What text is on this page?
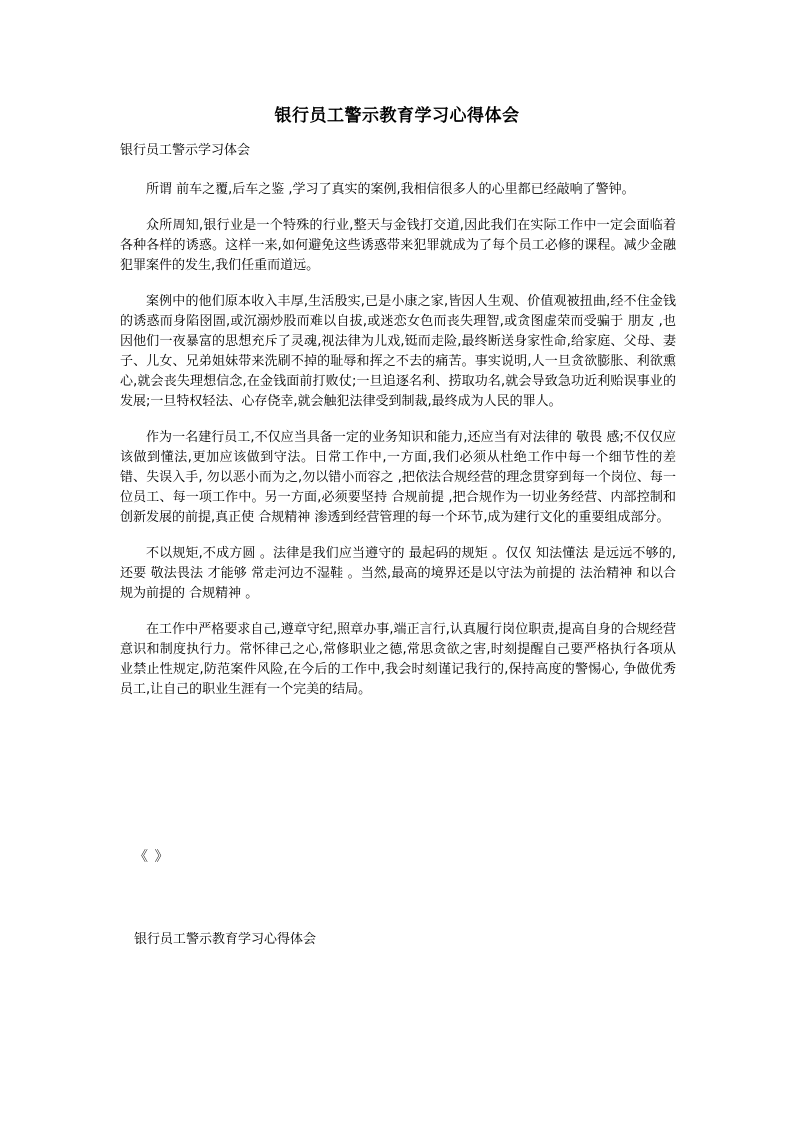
银行员工警示教育学习心得体会
银行员工警示学习体会

所谓 前车之覆,后车之鉴 ,学习了真实的案例,我相信很多人的心里都已经敲响了警钟。

众所周知,银行业是一个特殊的行业,整天与金钱打交道,因此我们在实际工作中一定会面临着各种各样的诱惑。这样一来,如何避免这些诱惑带来犯罪就成为了每个员工必修的课程。减少金融犯罪案件的发生,我们任重而道远。

案例中的他们原本收入丰厚,生活殷实,已是小康之家,皆因人生观、价值观被扭曲,经不住金钱的诱惑而身陷囹圄,或沉溺炒股而难以自拔,或迷恋女色而丧失理智,或贪图虚荣而受骗于 朋友 ,也因他们一夜暴富的思想充斥了灵魂,视法律为儿戏,铤而走险,最终断送身家性命,给家庭、父母、妻子、儿女、兄弟姐妹带来洗刷不掉的耻辱和挥之不去的痛苦。事实说明,人一旦贪欲膨胀、利欲熏心,就会丧失理想信念,在金钱面前打败仗;一旦追逐名利、捞取功名,就会导致急功近利贻误事业的发展;一旦特权轻法、心存侥幸,就会触犯法律受到制裁,最终成为人民的罪人。

作为一名建行员工,不仅应当具备一定的业务知识和能力,还应当有对法律的 敬畏 感;不仅仅应该做到懂法,更加应该做到守法。日常工作中,一方面,我们必须从杜绝工作中每一个细节性的差错、失误入手, 勿以恶小而为之,勿以错小而容之 ,把依法合规经营的理念贯穿到每一个岗位、每一位员工、每一项工作中。另一方面,必须要坚持 合规前提 ,把合规作为一切业务经营、内部控制和创新发展的前提,真正使 合规精神 渗透到经营管理的每一个环节,成为建行文化的重要组成部分。

不以规矩,不成方圆 。法律是我们应当遵守的 最起码的规矩 。仅仅 知法懂法 是远远不够的,还要 敬法畏法 才能够 常走河边不湿鞋 。当然,最高的境界还是以守法为前提的 法治精神 和以合规为前提的 合规精神 。

在工作中严格要求自己,遵章守纪,照章办事,端正言行,认真履行岗位职责,提高自身的合规经营意识和制度执行力。常怀律己之心,常修职业之德,常思贪欲之害,时刻提醒自己要严格执行各项从业禁止性规定,防范案件风险,在今后的工作中,我会时刻谨记我行的,保持高度的警惕心, 争做优秀员工,让自己的职业生涯有一个完美的结局。

《 》
银行员工警示教育学习心得体会
